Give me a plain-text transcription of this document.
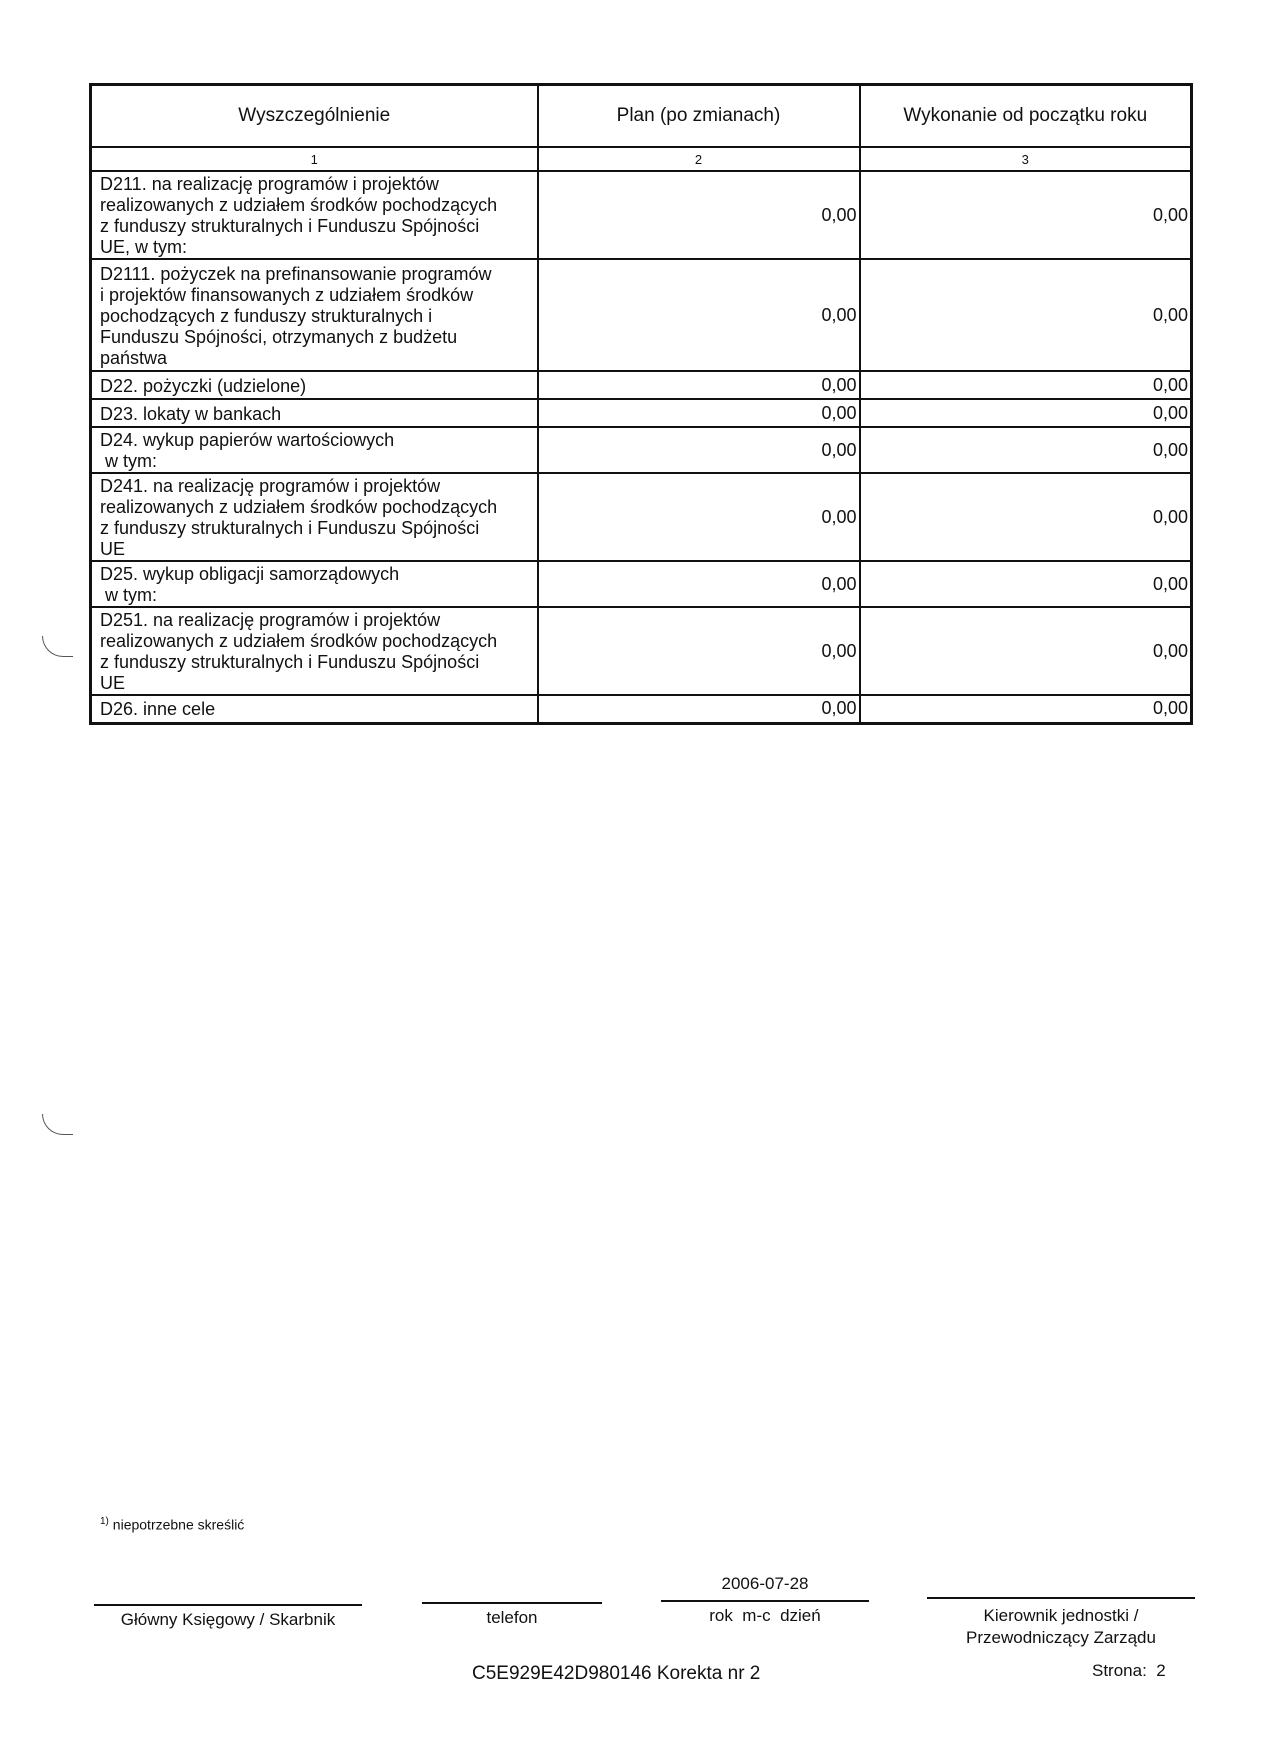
Wyszczególnienie	Plan (po zmianach)	Wykonanie od początku roku
1	2	3

D211. na realizację programów i projektów
realizowanych z udziałem środków pochodzących
z funduszy strukturalnych i Funduszu Spójności
UE, w tym:	0,00	0,00

D2111. pożyczek na prefinansowanie programów
i projektów finansowanych z udziałem środków
pochodzących z funduszy strukturalnych i
Funduszu Spójności, otrzymanych z budżetu
państwa	0,00	0,00

D22. pożyczki (udzielone)	0,00	0,00

D23. lokaty w bankach	0,00	0,00

D24. wykup papierów wartościowych
w tym:	0,00	0,00

D241. na realizację programów i projektów
realizowanych z udziałem środków pochodzących
z funduszy strukturalnych i Funduszu Spójności
UE	0,00	0,00

D25. wykup obligacji samorządowych
w tym:	0,00	0,00

D251. na realizację programów i projektów
realizowanych z udziałem środków pochodzących
z funduszy strukturalnych i Funduszu Spójności
UE	0,00	0,00

D26. inne cele	0,00	0,00
$^{1)}$ niepotrzebne skreślić
Główny Księgowy / Skarbnik	telefon
2006-07-28
rok  m-c  dzień	Kierownik jednostki /
Przewodniczący Zarządu
C5E929E42D980146 Korekta nr 2	Strona: 2
